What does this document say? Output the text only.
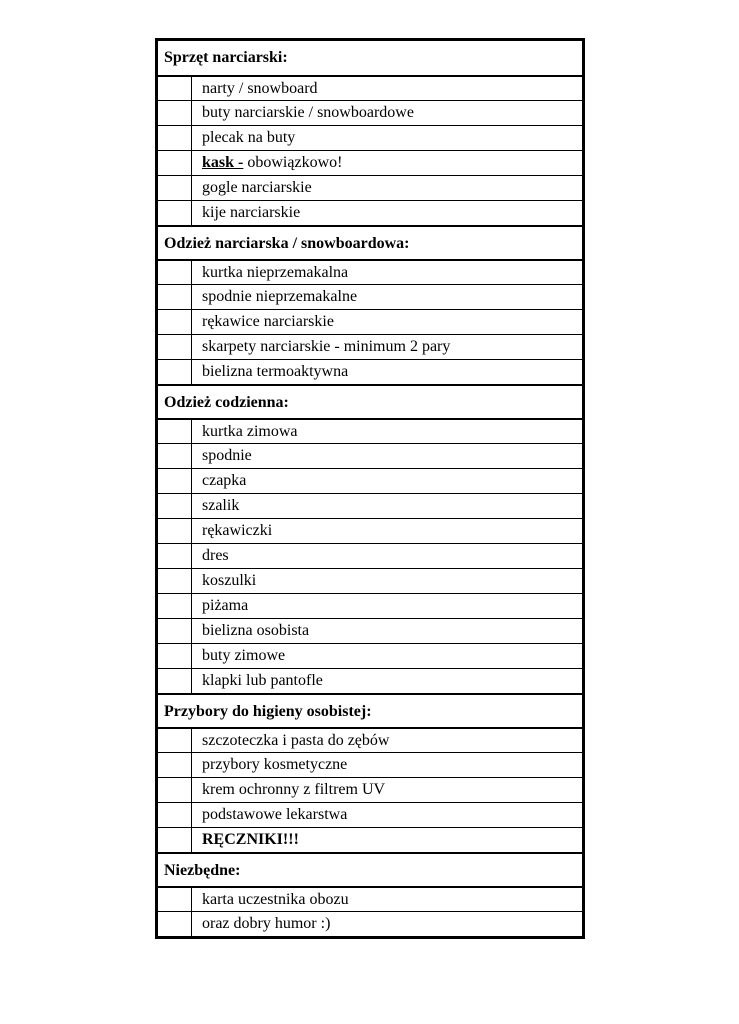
Sprzęt narciarski:
narty / snowboard
buty narciarskie / snowboardowe
plecak na buty
kask - obowiązkowo!
gogle narciarskie
kije narciarskie
Odzież narciarska / snowboardowa:
kurtka nieprzemakalna
spodnie nieprzemakalne
rękawice narciarskie
skarpety narciarskie - minimum 2 pary
bielizna termoaktywna
Odzież codzienna:
kurtka zimowa
spodnie
czapka
szalik
rękawiczki
dres
koszulki
piżama
bielizna osobista
buty zimowe
klapki lub pantofle
Przybory do higieny osobistej:
szczoteczka i pasta do zębów
przybory kosmetyczne
krem ochronny z filtrem UV
podstawowe lekarstwa
RĘCZNIKI!!!
Niezbędne:
karta uczestnika obozu
oraz dobry humor :)
